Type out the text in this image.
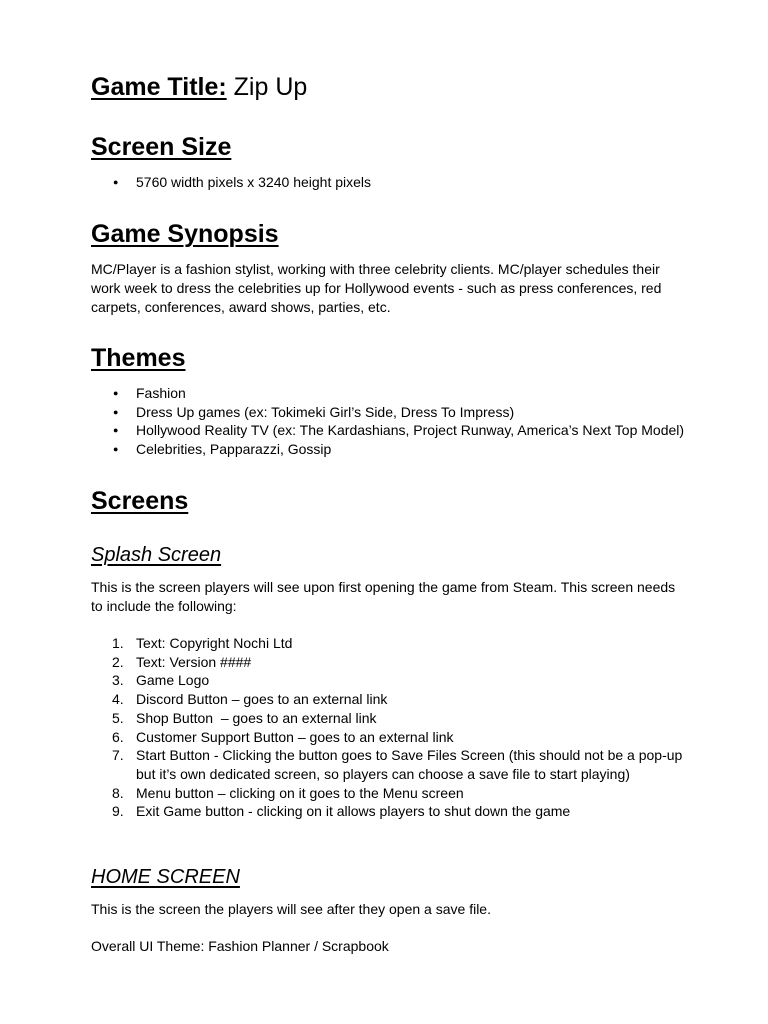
Game Title: Zip Up
Screen Size
● 5760 width pixels x 3240 height pixels
Game Synopsis
MC/Player is a fashion stylist, working with three celebrity clients. MC/player schedules their
work week to dress the celebrities up for Hollywood events - such as press conferences, red
carpets, conferences, award shows, parties, etc.
Themes
● Fashion
● Dress Up games (ex: Tokimeki Girl’s Side, Dress To Impress)
● Hollywood Reality TV (ex: The Kardashians, Project Runway, America’s Next Top Model)
● Celebrities, Papparazzi, Gossip
Screens
Splash Screen
This is the screen players will see upon first opening the game from Steam. This screen needs
to include the following:
1. Text: Copyright Nochi Ltd
2. Text: Version ####
3. Game Logo
4. Discord Button – goes to an external link
5. Shop Button  – goes to an external link
6. Customer Support Button – goes to an external link
7. Start Button - Clicking the button goes to Save Files Screen (this should not be a pop-up
but it’s own dedicated screen, so players can choose a save file to start playing)
8. Menu button – clicking on it goes to the Menu screen
9. Exit Game button - clicking on it allows players to shut down the game
HOME SCREEN
This is the screen the players will see after they open a save file.
Overall UI Theme: Fashion Planner / Scrapbook
